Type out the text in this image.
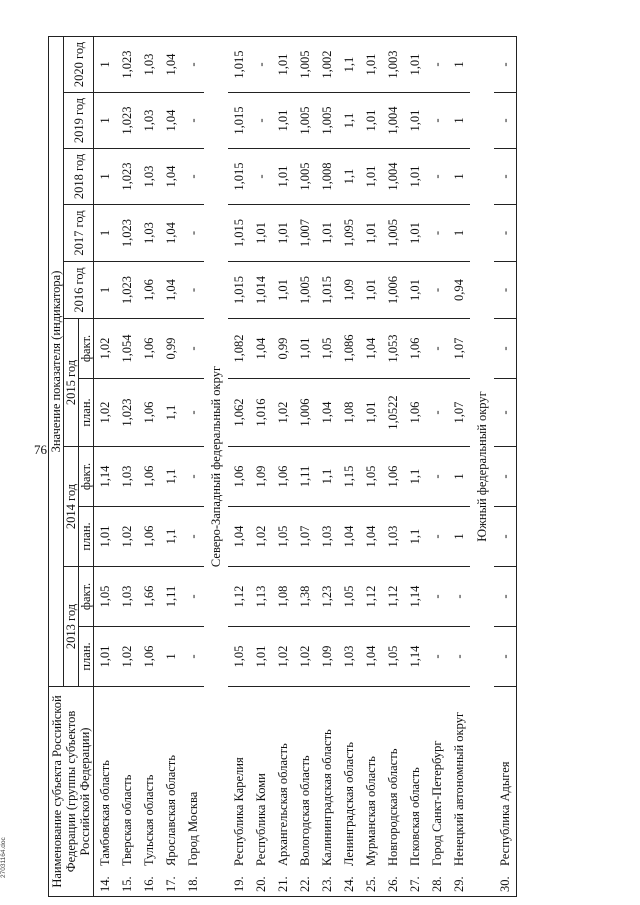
76
27031164.doc	Наименование субъекта Российской Федерации (группы субъектов Российской Федерации)	Значение показателя (индикатора)										
	2013 год		2014 год		2015 год		2016 год	2017 год	2018 год	2019 год	2020 год
	план.	факт.	план.	факт.	план.	факт.					
14.Тамбовская область	1,01	1,05	1,01	1,14	1,02	1,02	1	1	1	1	1
15.Тверская область	1,02	1,03	1,02	1,03	1,023	1,054	1,023	1,023	1,023	1,023	1,023
16.Тульская область	1,06	1,66	1,06	1,06	1,06	1,06	1,06	1,03	1,03	1,03	1,03
17.Ярославская область	1	1,11	1,1	1,1	1,1	0,99	1,04	1,04	1,04	1,04	1,04
18.Город Москва	-	-	-	-	-	-	-	-	-	-	-
Северо-Западный федеральный округ											
19.Республика Карелия	1,05	1,12	1,04	1,06	1,062	1,082	1,015	1,015	1,015	1,015	1,015
20.Республика Коми	1,01	1,13	1,02	1,09	1,016	1,04	1,014	1,01	-	-	-
21.Архангельская область	1,02	1,08	1,05	1,06	1,02	0,99	1,01	1,01	1,01	1,01	1,01
22.Вологодская область	1,02	1,38	1,07	1,11	1,006	1,01	1,005	1,007	1,005	1,005	1,005
23.Калининградская область	1,09	1,23	1,03	1,1	1,04	1,05	1,015	1,01	1,008	1,005	1,002
24.Ленинградская область	1,03	1,05	1,04	1,15	1,08	1,086	1,09	1,095	1,1	1,1	1,1
25.Мурманская область	1,04	1,12	1,04	1,05	1,01	1,04	1,01	1,01	1,01	1,01	1,01
26.Новгородская область	1,05	1,12	1,03	1,06	1,0522	1,053	1,006	1,005	1,004	1,004	1,003
27.Псковская область	1,14	1,14	1,1	1,1	1,06	1,06	1,01	1,01	1,01	1,01	1,01
28.Город Санкт-Петербург	-	-	-	-	-	-	-	-	-	-	-
29.Ненецкий автономный округ	-	-	1	1	1,07	1,07	0,94	1	1	1	1
Южный федеральный округ											
30.Республика Адыгея	-	-	-	-	-	-	-	-	-	-	-
